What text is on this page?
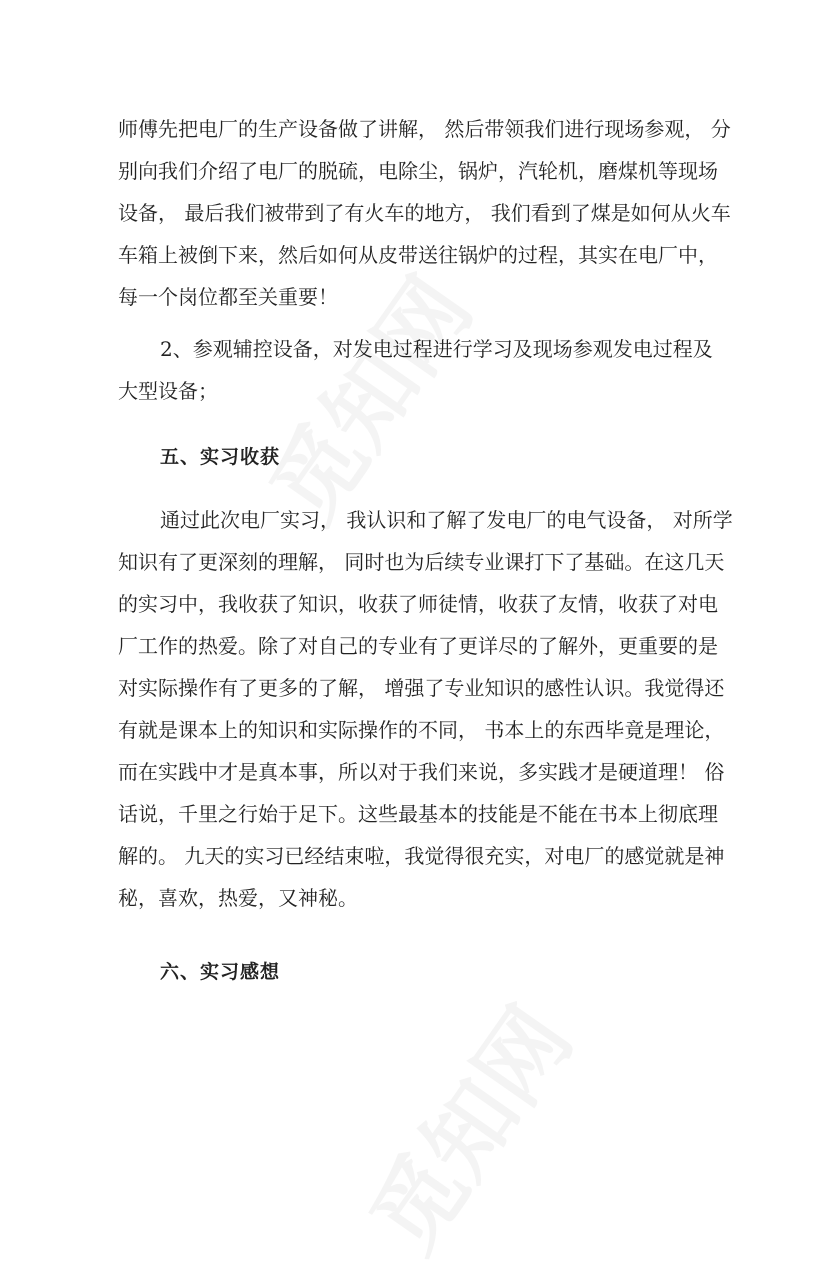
师傅先把电厂的生产设备做了讲解， 然后带领我们进行现场参观， 分
别向我们介绍了电厂的脱硫，电除尘，锅炉，汽轮机，磨煤机等现场
设备， 最后我们被带到了有火车的地方， 我们看到了煤是如何从火车
车箱上被倒下来，然后如何从皮带送往锅炉的过程，其实在电厂中，
每一个岗位都至关重要！
2、参观辅控设备，对发电过程进行学习及现场参观发电过程及
大型设备；
五、实习收获
通过此次电厂实习， 我认识和了解了发电厂的电气设备， 对所学
知识有了更深刻的理解， 同时也为后续专业课打下了基础。在这几天
的实习中，我收获了知识，收获了师徒情，收获了友情，收获了对电
厂工作的热爱。除了对自己的专业有了更详尽的了解外，更重要的是
对实际操作有了更多的了解， 增强了专业知识的感性认识。我觉得还
有就是课本上的知识和实际操作的不同， 书本上的东西毕竟是理论，
而在实践中才是真本事，所以对于我们来说，多实践才是硬道理！ 俗
话说，千里之行始于足下。这些最基本的技能是不能在书本上彻底理
解的。 九天的实习已经结束啦，我觉得很充实，对电厂的感觉就是神
秘，喜欢，热爱，又神秘。
六、实习感想
